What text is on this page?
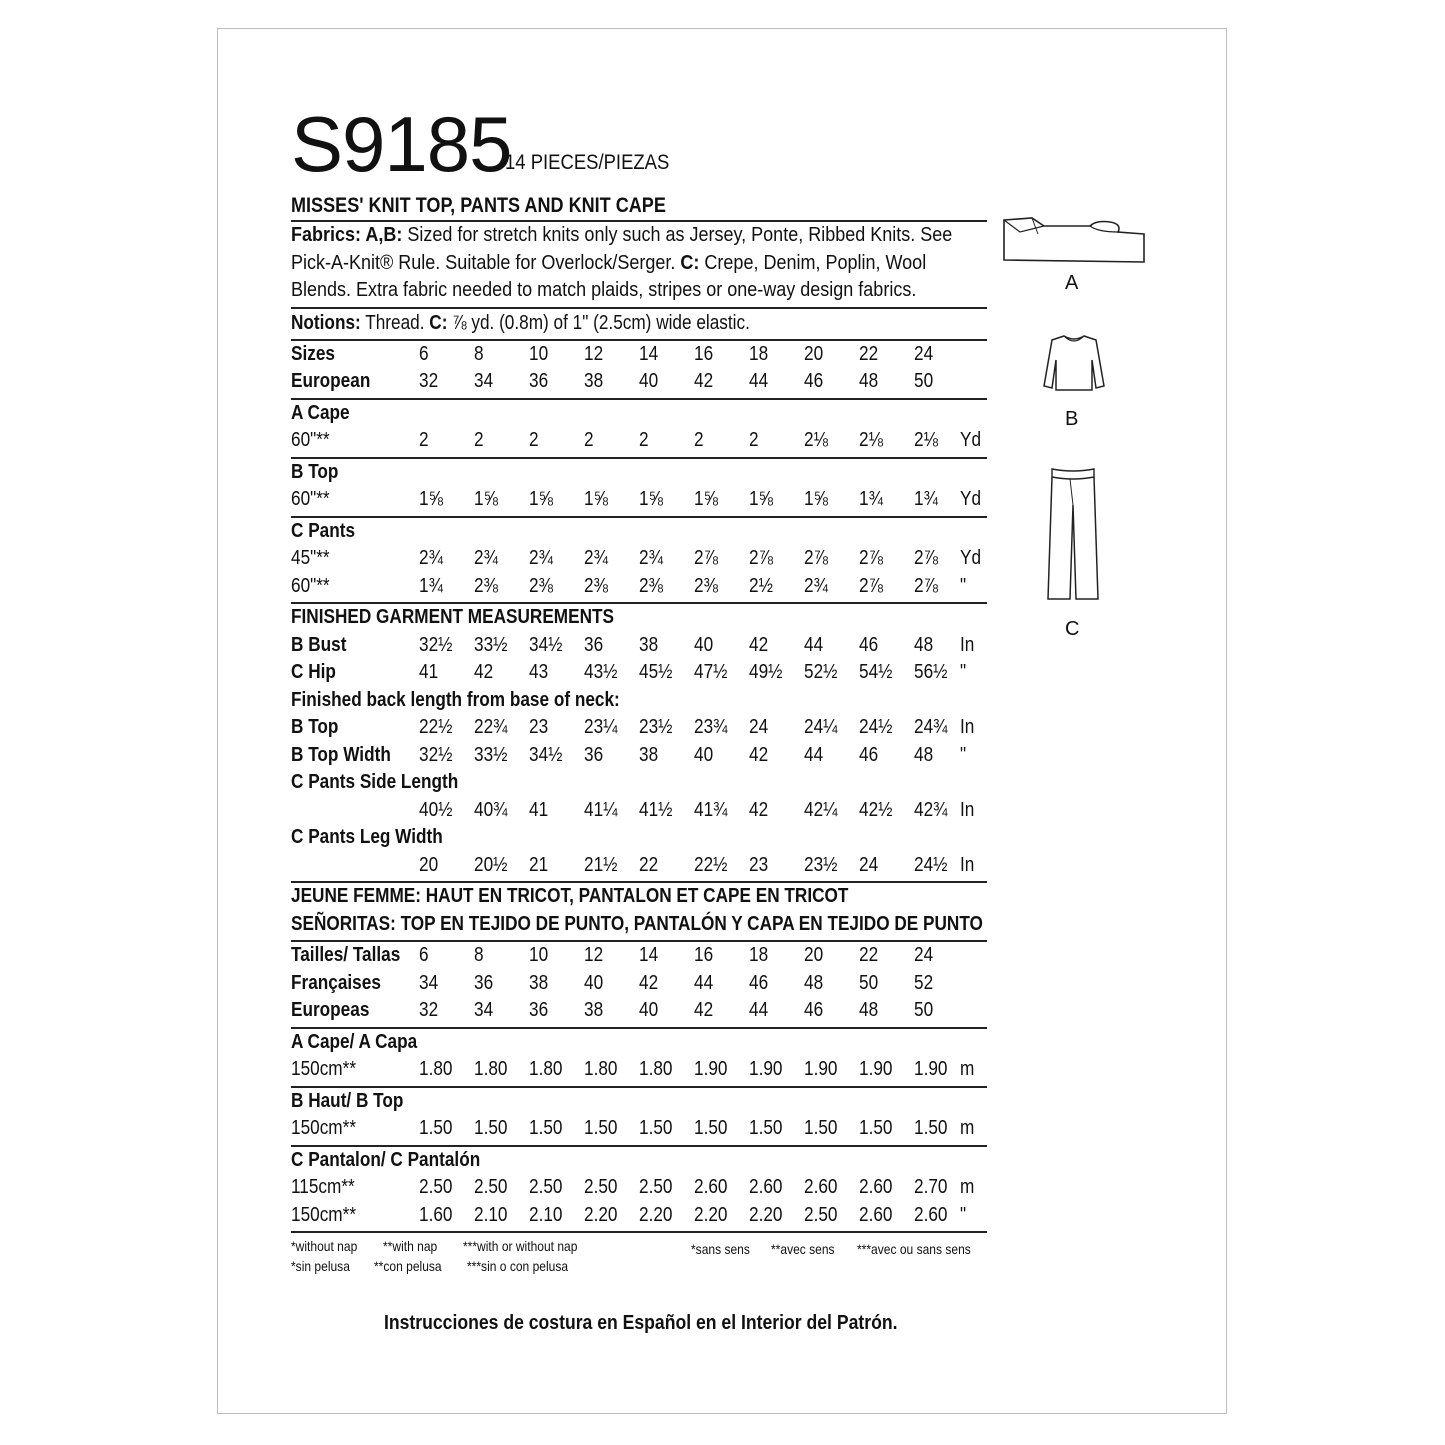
S9185
14 PIECES/PIEZAS
MISSES' KNIT TOP, PANTS AND KNIT CAPE
Fabrics: A,B: Sized for stretch knits only such as Jersey, Ponte, Ribbed Knits. See
Pick-A-Knit® Rule. Suitable for Overlock/Serger. C: Crepe, Denim, Poplin, Wool
Blends. Extra fabric needed to match plaids, stripes or one-way design fabrics.
Notions: Thread. C: ⅞ yd. (0.8m) of 1" (2.5cm) wide elastic.
Sizes	6 8 10 12 14 16 18 20 22 24
European 32 34 36 38 40 42 44 46 48 50
A Cape
60"**	2 2 2 2 2 2 2 2⅛ 2⅛ 2⅛ Yd
B Top
60"**	1⅝ 1⅝ 1⅝ 1⅝ 1⅝ 1⅝ 1⅝ 1⅝ 1¾ 1¾ Yd
C Pants
45"**	2¾ 2¾ 2¾ 2¾ 2¾ 2⅞ 2⅞ 2⅞ 2⅞ 2⅞ Yd
60"**	1¾ 2⅜ 2⅜ 2⅜ 2⅜ 2⅜ 2½ 2¾ 2⅞ 2⅞ "
FINISHED GARMENT MEASUREMENTS
B Bust	32½ 33½ 34½ 36 38 40 42 44 46 48 In
C Hip	41 42 43 43½ 45½ 47½ 49½ 52½ 54½ 56½ "
Finished back length from base of neck:
B Top	22½ 22¾ 23 23¼ 23½ 23¾ 24 24¼ 24½ 24¾ In
B Top Width 32½ 33½ 34½ 36 38 40 42 44 46 48 "
C Pants Side Length
40½ 40¾ 41 41¼ 41½ 41¾ 42 42¼ 42½ 42¾ In
C Pants Leg Width
20 20½ 21 21½ 22 22½ 23 23½ 24 24½ In
JEUNE FEMME: HAUT EN TRICOT, PANTALON ET CAPE EN TRICOT
SEÑORITAS: TOP EN TEJIDO DE PUNTO, PANTALÓN Y CAPA EN TEJIDO DE PUNTO
Tailles/ Tallas 6 8 10 12 14 16 18 20 22 24
Françaises 34 36 38 40 42 44 46 48 50 52
Europeas 32 34 36 38 40 42 44 46 48 50
A Cape/ A Capa
150cm**	1.80 1.80 1.80 1.80 1.80 1.90 1.90 1.90 1.90 1.90 m
B Haut/ B Top
150cm**	1.50 1.50 1.50 1.50 1.50 1.50 1.50 1.50 1.50 1.50 m
C Pantalon/ C Pantalón
115cm**	2.50 2.50 2.50 2.50 2.50 2.60 2.60 2.60 2.60 2.70 m
150cm**	1.60 2.10 2.10 2.20 2.20 2.20 2.20 2.50 2.60 2.60 "
*without nap **with nap ***with or without nap
*sin pelusa **con pelusa ***sin o con pelusa
*sans sens **avec sens ***avec ou sans sens
Instrucciones de costura en Español en el Interior del Patrón.
A
B
C
